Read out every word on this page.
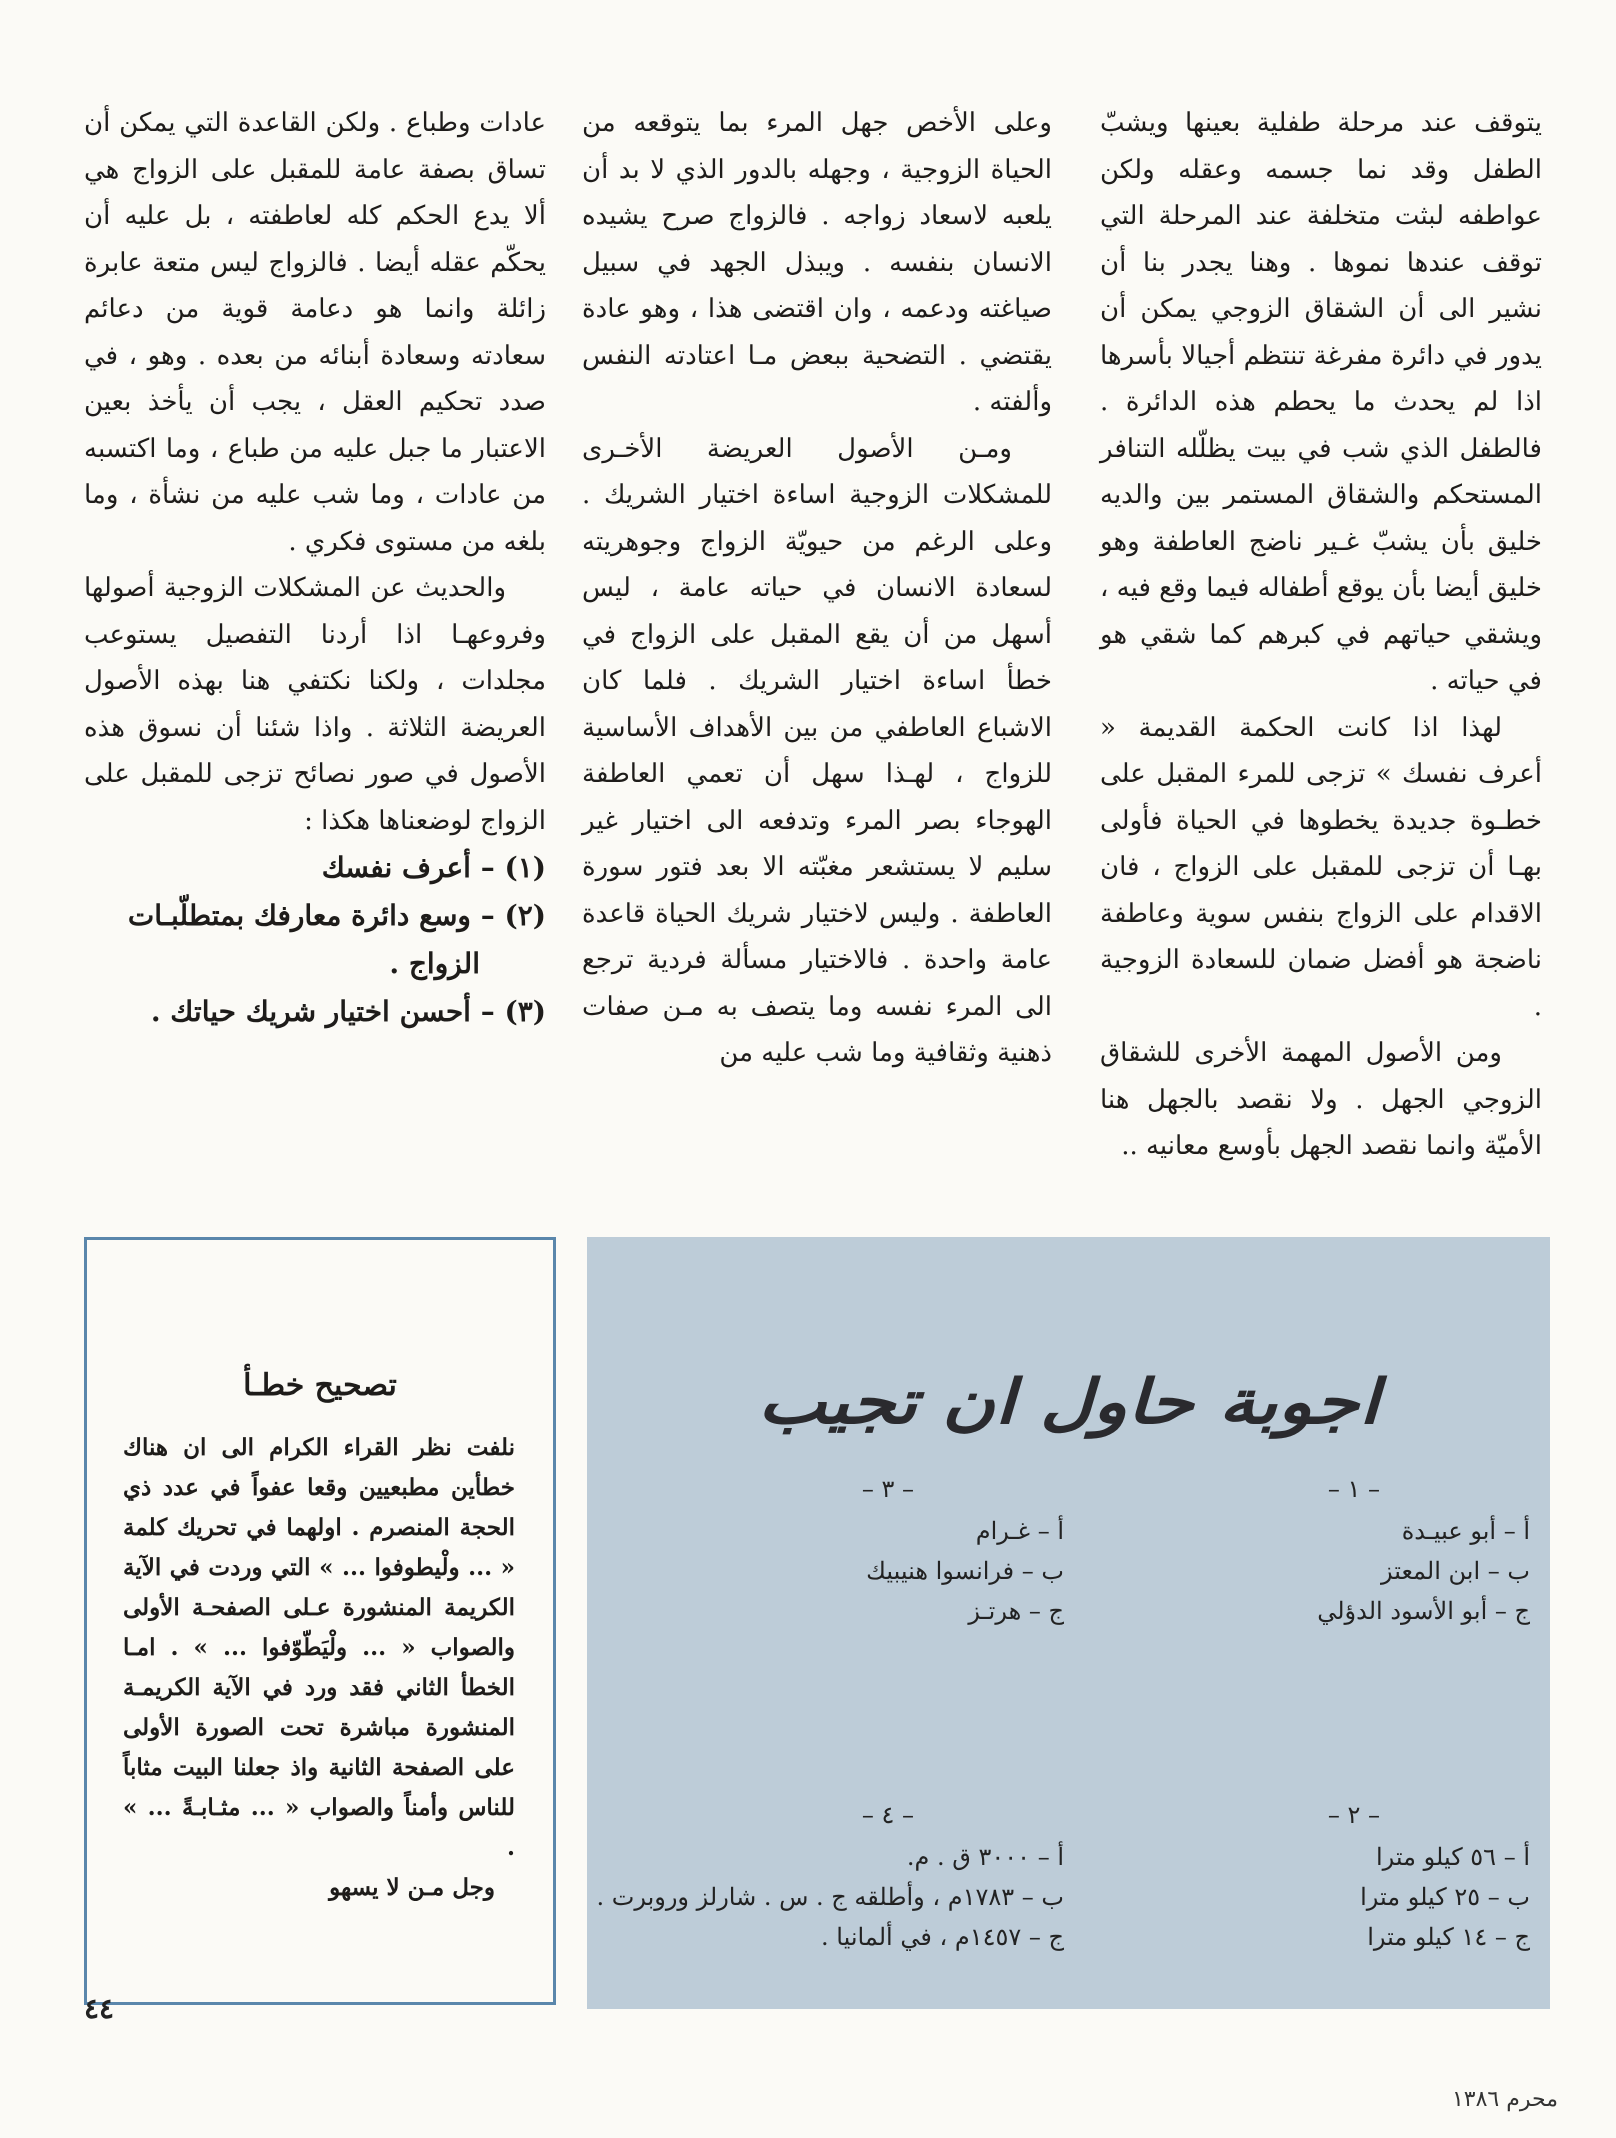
يتوقف عند مرحلة طفلية بعينها ويشبّ الطفل وقد نما جسمه وعقله ولكن عواطفه لبثت متخلفة عند المرحلة التي توقف عندها نموها . وهنا يجدر بنا أن نشير الى أن الشقاق الزوجي يمكن أن يدور في دائرة مفرغة تنتظم أجيالا بأسرها اذا لم يحدث ما يحطم هذه الدائرة . فالطفل الذي شب في بيت يظلّله التنافر المستحكم والشقاق المستمر بين والديه خليق بأن يشبّ غـير ناضج العاطفة وهو خليق أيضا بأن يوقع أطفاله فيما وقع فيه ، ويشقي حياتهم في كبرهم كما شقي هو في حياته .

لهذا اذا كانت الحكمة القديمة « أعرف نفسك » تزجى للمرء المقبل على خطـوة جديدة يخطوها في الحياة فأولى بهـا أن تزجى للمقبل على الزواج ، فان الاقدام على الزواج بنفس سوية وعاطفة ناضجة هو أفضل ضمان للسعادة الزوجية .

ومن الأصول المهمة الأخرى للشقاق الزوجي الجهل . ولا نقصد بالجهل هنا الأميّة وانما نقصد الجهل بأوسع معانيه ..

وعلى الأخص جهل المرء بما يتوقعه من الحياة الزوجية ، وجهله بالدور الذي لا بد أن يلعبه لاسعاد زواجه . فالزواج صرح يشيده الانسان بنفسه . ويبذل الجهد في سبيل صياغته ودعمه ، وان اقتضى هذا ، وهو عادة يقتضي . التضحية ببعض مـا اعتادته النفس وألفته .

ومـن الأصول العريضة الأخـرى للمشكلات الزوجية اساءة اختيار الشريك . وعلى الرغم من حيويّة الزواج وجوهريته لسعادة الانسان في حياته عامة ، ليس أسهل من أن يقع المقبل على الزواج في خطأ اساءة اختيار الشريك . فلما كان الاشباع العاطفي من بين الأهداف الأساسية للزواج ، لهـذا سهل أن تعمي العاطفة الهوجاء بصر المرء وتدفعه الى اختيار غير سليم لا يستشعر مغبّته الا بعد فتور سورة العاطفة . وليس لاختيار شريك الحياة قاعدة عامة واحدة . فالاختيار مسألة فردية ترجع الى المرء نفسه وما يتصف به مـن صفات ذهنية وثقافية وما شب عليه من

عادات وطباع . ولكن القاعدة التي يمكن أن تساق بصفة عامة للمقبل على الزواج هي ألا يدع الحكم كله لعاطفته ، بل عليه أن يحكّم عقله أيضا . فالزواج ليس متعة عابرة زائلة وانما هو دعامة قوية من دعائم سعادته وسعادة أبنائه من بعده . وهو ، في صدد تحكيم العقل ، يجب أن يأخذ بعين الاعتبار ما جبل عليه من طباع ، وما اكتسبه من عادات ، وما شب عليه من نشأة ، وما بلغه من مستوى فكري .

والحديث عن المشكلات الزوجية أصولها وفروعهـا اذا أردنا التفصيل يستوعب مجلدات ، ولكنا نكتفي هنا بهذه الأصول العريضة الثلاثة . واذا شئنا أن نسوق هذه الأصول في صور نصائح تزجى للمقبل على الزواج لوضعناها هكذا :

(١) – أعرف نفسك

(٢) – وسع دائرة معارفك بمتطلّبـات
الزواج .

(٣) – أحسن اختيار شريك حياتك .

اجوبة حاول ان تجيب
– ١ –
أ – أبو عبيـدة
ب – ابن المعتز
ج – أبو الأسود الدؤلي
– ٣ –
أ – غـرام
ب – فرانسوا هنيبيك
ج – هرتـز
– ٢ –
أ – ٥٦ كيلو مترا
ب – ٢٥ كيلو مترا
ج – ١٤ كيلو مترا
– ٤ –
أ – ٣٠٠٠ ق . م.
ب – ١٧٨٣م ، وأطلقه ج . س . شارلز وروبرت .
ج – ١٤٥٧م ، في ألمانيا .
تصحيح خطـأ

نلفت نظر القراء الكرام الى ان هناك خطأين مطبعيين وقعا عفواً في عدد ذي الحجة المنصرم . اولهما في تحريك كلمة « ... ولْيطوفوا ... » التي وردت في الآية الكريمة المنشورة عـلى الصفحـة الأولى والصواب « ... ولْيَطّوّفوا ... » . امـا الخطأ الثاني فقد ورد في الآية الكريمـة المنشورة مباشرة تحت الصورة الأولى على الصفحة الثانية واذ جعلنا البيت مثاباً للناس وأمناً والصواب « ... مثـابـةً ... » .
وجل مـن لا يسهو

٤٤
محرم ١٣٨٦
